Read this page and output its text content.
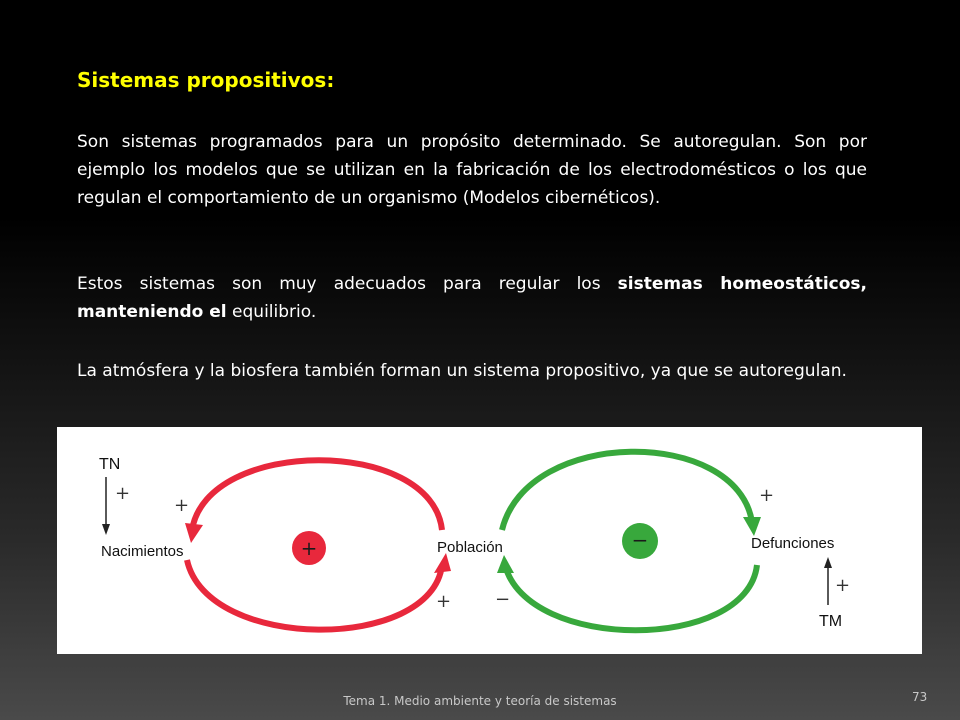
Sistemas propositivos:
Son sistemas programados para un propósito determinado. Se autoregulan. Son por ejemplo los modelos que se utilizan en la fabricación de los electrodomésticos o los que regulan el comportamiento de un organismo (Modelos cibernéticos).
Estos sistemas son muy adecuados para regular los sistemas homeostáticos, manteniendo el equilibrio.
La atmósfera y la biosfera también forman un sistema propositivo, ya que se autoregulan.
+	−
Nacimientos	Población	Defunciones
TN
+
+
TM
+
+
+
−
Tema 1. Medio ambiente y teoría de sistemas	73
